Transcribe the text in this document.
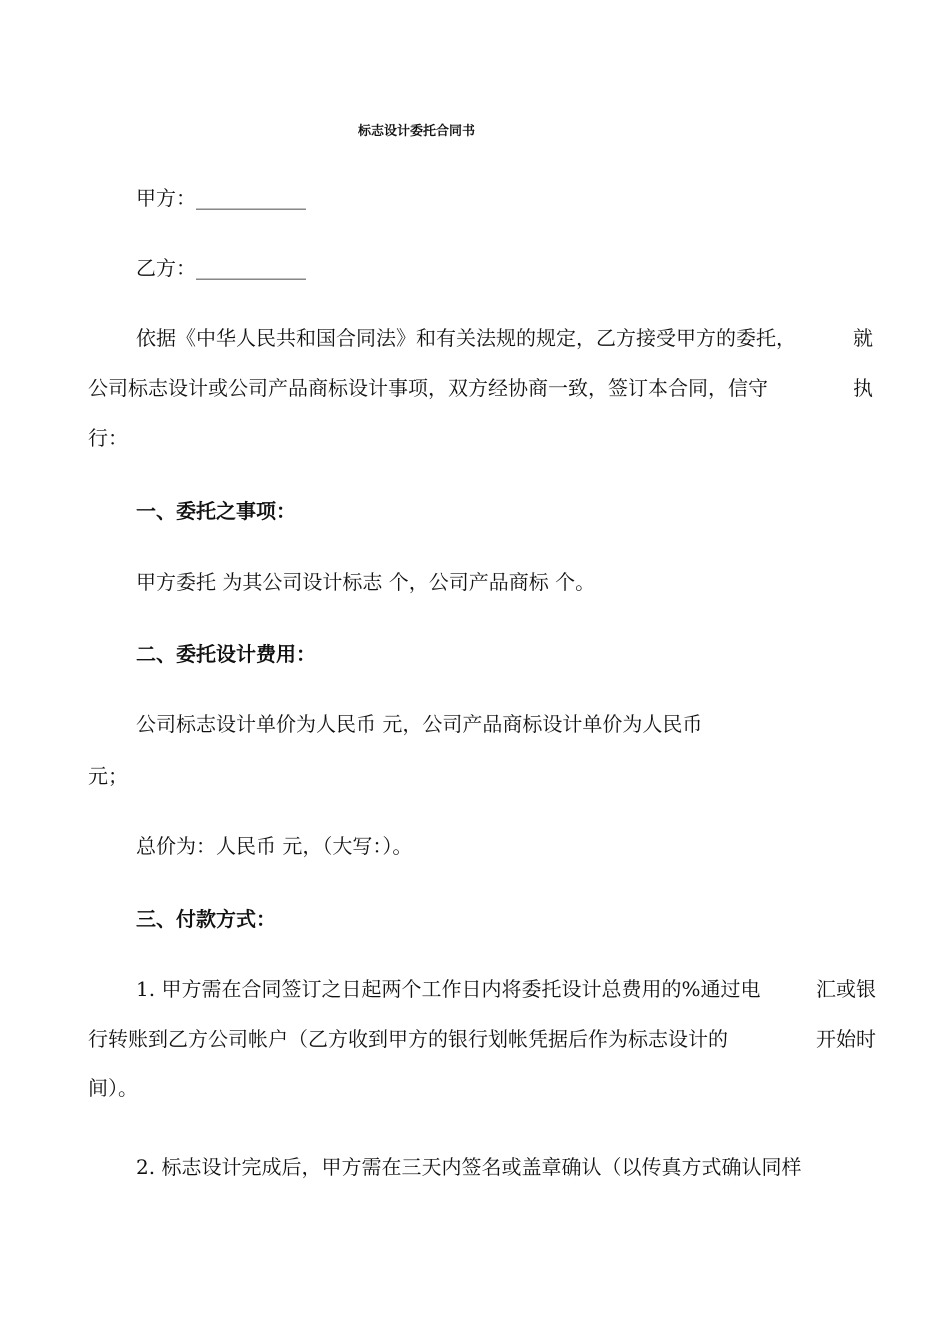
标志设计委托合同书
甲方：___________
乙方：___________
依据《中华人民共和国合同法》和有关法规的规定，乙方接受甲方的委托，	就
公司标志设计或公司产品商标设计事项，双方经协商一致，签订本合同，信守	执
行：
一、委托之事项：
甲方委托 为其公司设计标志 个，公司产品商标 个。
二、委托设计费用：
公司标志设计单价为人民币 元，公司产品商标设计单价为人民币
元；
总价为：人民币 元，（大写：）。
三、付款方式：
1. 甲方需在合同签订之日起两个工作日内将委托设计总费用的%通过电	汇或银
行转账到乙方公司帐户（乙方收到甲方的银行划帐凭据后作为标志设计的	开始时
间）。
2. 标志设计完成后，甲方需在三天内签名或盖章确认（以传真方式确认同样
